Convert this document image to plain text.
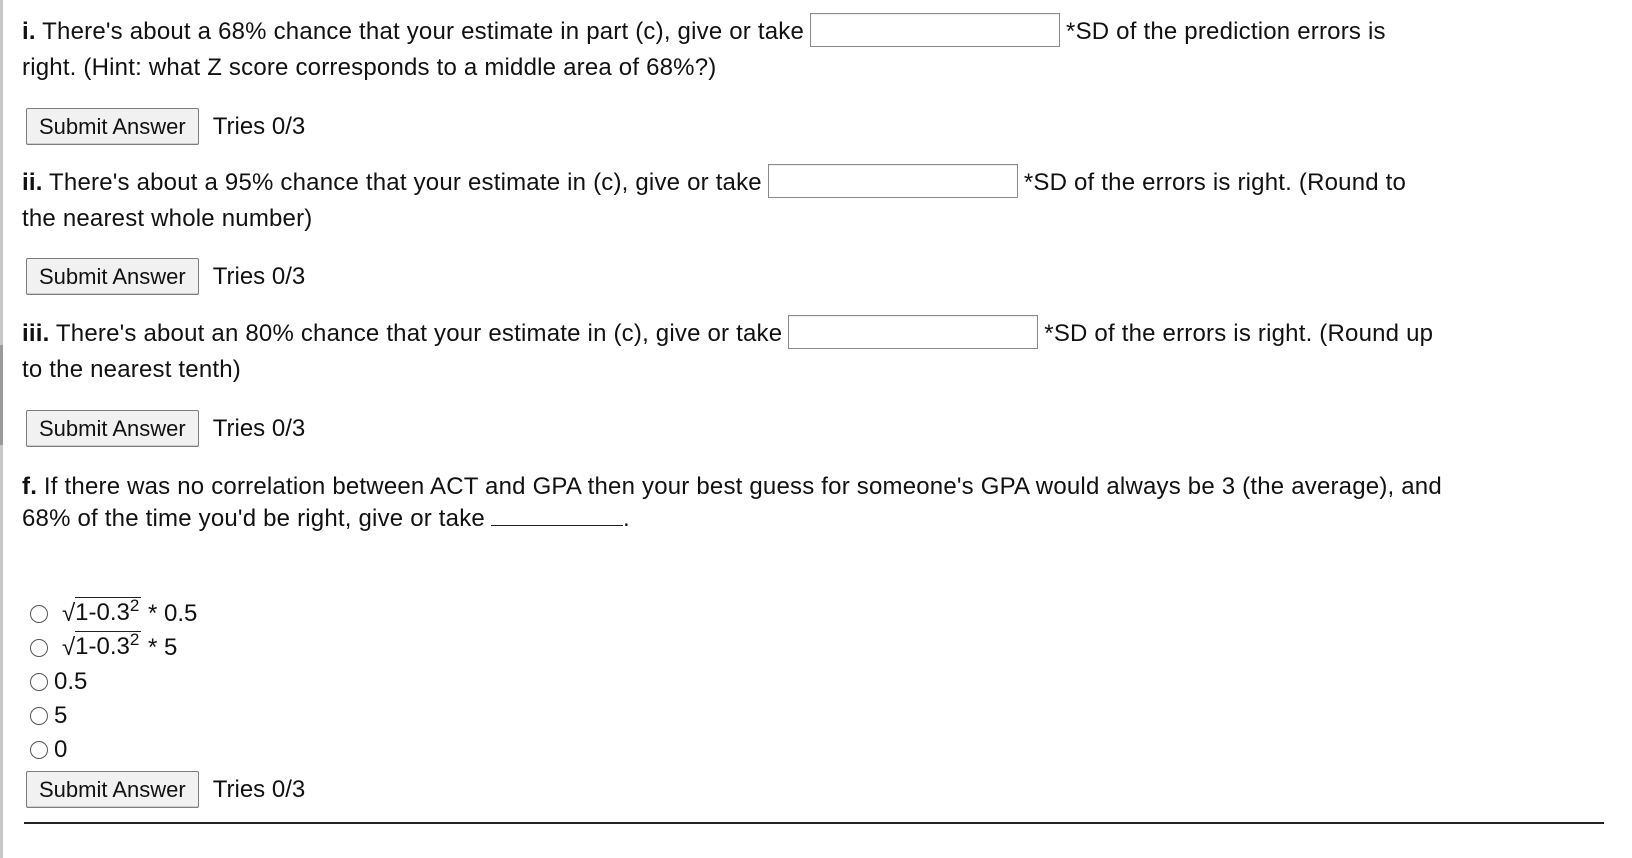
i. There's about a 68% chance that your estimate in part (c), give or take	*SD of the prediction errors is
right. (Hint: what Z score corresponds to a middle area of 68%?)
Submit Answer	Tries 0/3
ii. There's about a 95% chance that your estimate in (c), give or take	*SD of the errors is right. (Round to
the nearest whole number)
Submit Answer	Tries 0/3
iii. There's about an 80% chance that your estimate in (c), give or take	*SD of the errors is right. (Round up
to the nearest tenth)
Submit Answer	Tries 0/3
f. If there was no correlation between ACT and GPA then your best guess for someone's GPA would always be 3 (the average), and
68% of the time you'd be right, give or take	.
√ $1-0.3^2 * 0.5$
√ $1-0.3^2 * 5$
0.5
5
0
Submit Answer	Tries 0/3
